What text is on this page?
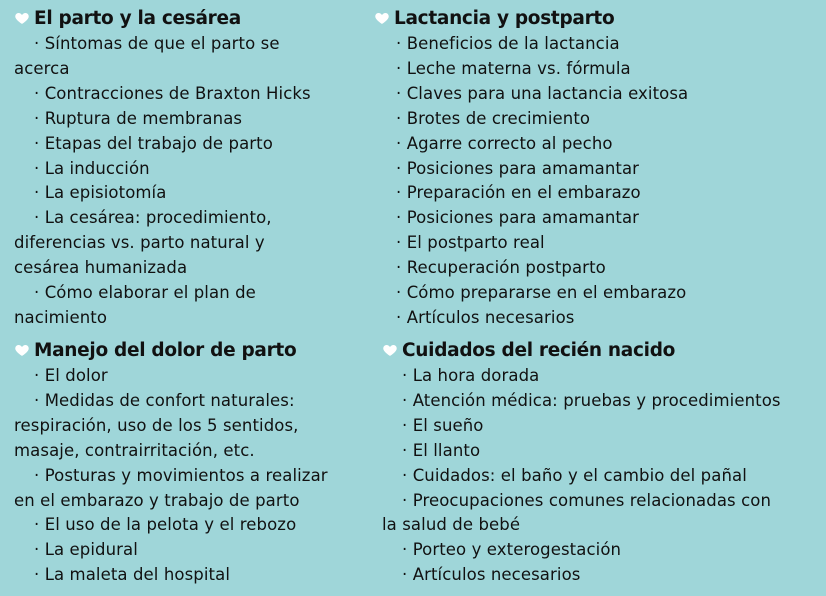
El parto y la cesárea
· Síntomas de que el parto se
acerca
· Contracciones de Braxton Hicks
· Ruptura de membranas
· Etapas del trabajo de parto
· La inducción
· La episiotomía
· La cesárea: procedimiento,
diferencias vs. parto natural y
cesárea humanizada
· Cómo elaborar el plan de
nacimiento
Lactancia y postparto
· Beneficios de la lactancia
· Leche materna vs. fórmula
· Claves para una lactancia exitosa
· Brotes de crecimiento
· Agarre correcto al pecho
· Posiciones para amamantar
· Preparación en el embarazo
· Posiciones para amamantar
· El postparto real
· Recuperación postparto
· Cómo prepararse en el embarazo
· Artículos necesarios
Manejo del dolor de parto
· El dolor
· Medidas de confort naturales:
respiración, uso de los 5 sentidos,
masaje, contrairritación, etc.
· Posturas y movimientos a realizar
en el embarazo y trabajo de parto
· El uso de la pelota y el rebozo
· La epidural
· La maleta del hospital
Cuidados del recién nacido
· La hora dorada
· Atención médica: pruebas y procedimientos
· El sueño
· El llanto
· Cuidados: el baño y el cambio del pañal
· Preocupaciones comunes relacionadas con
la salud de bebé
· Porteo y exterogestación
· Artículos necesarios
